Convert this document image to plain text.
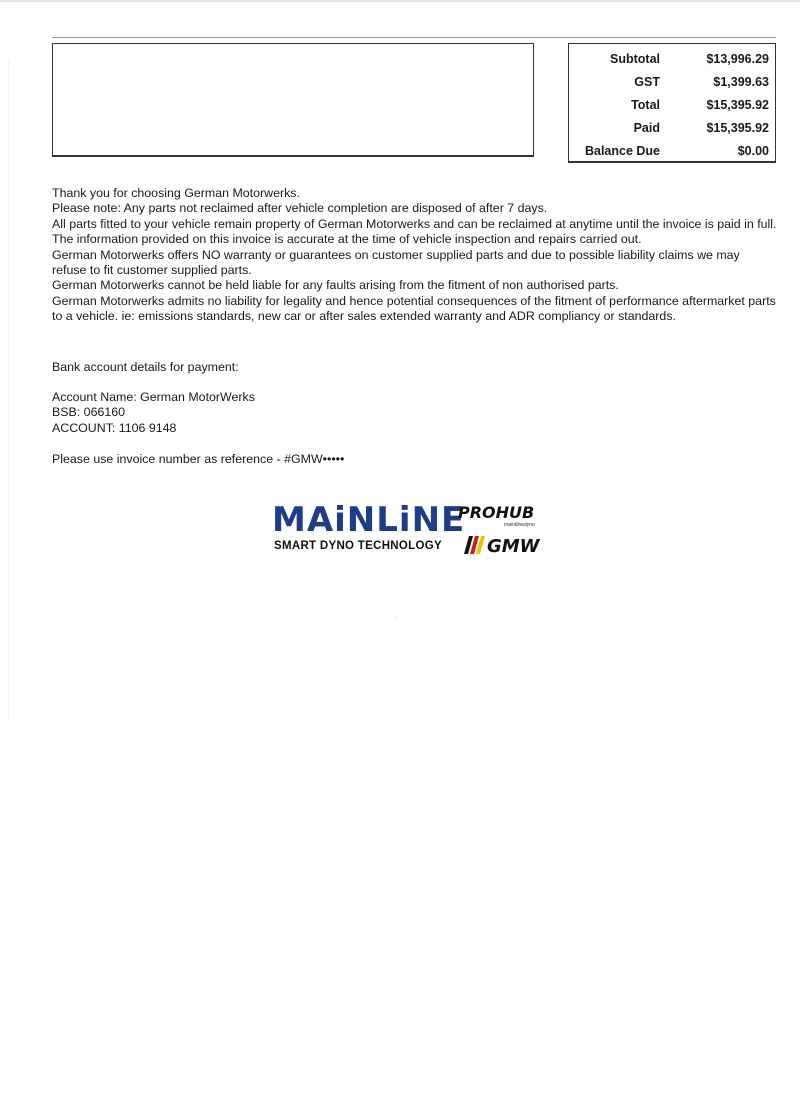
Subtotal	$13,996.29
GST	$1,399.63
Total	$15,395.92
Paid	$15,395.92
Balance Due	$0.00

Thank you for choosing German Motorwerks.

Please note: Any parts not reclaimed after vehicle completion are disposed of after 7 days.

All parts fitted to your vehicle remain property of German Motorwerks and can be reclaimed at anytime until the invoice is paid in full.

The information provided on this invoice is accurate at the time of vehicle inspection and repairs carried out.

German Motorwerks offers NO warranty or guarantees on customer supplied parts and due to possible liability claims we may refuse to fit customer supplied parts.

German Motorwerks cannot be held liable for any faults arising from the fitment of non authorised parts.

German Motorwerks admits no liability for legality and hence potential consequences of the fitment of performance aftermarket parts to a vehicle. ie: emissions standards, new car or after sales extended warranty and ADR compliancy or standards.

Bank account details for payment:
Account Name: German MotorWerks
BSB: 066160
ACCOUNT: 1106 9148
Please use invoice number as reference - #GMW•••••
MAiNLiNE
PROHUB
maintlinedyno
SMART DYNO TECHNOLOGY	GMW
·
